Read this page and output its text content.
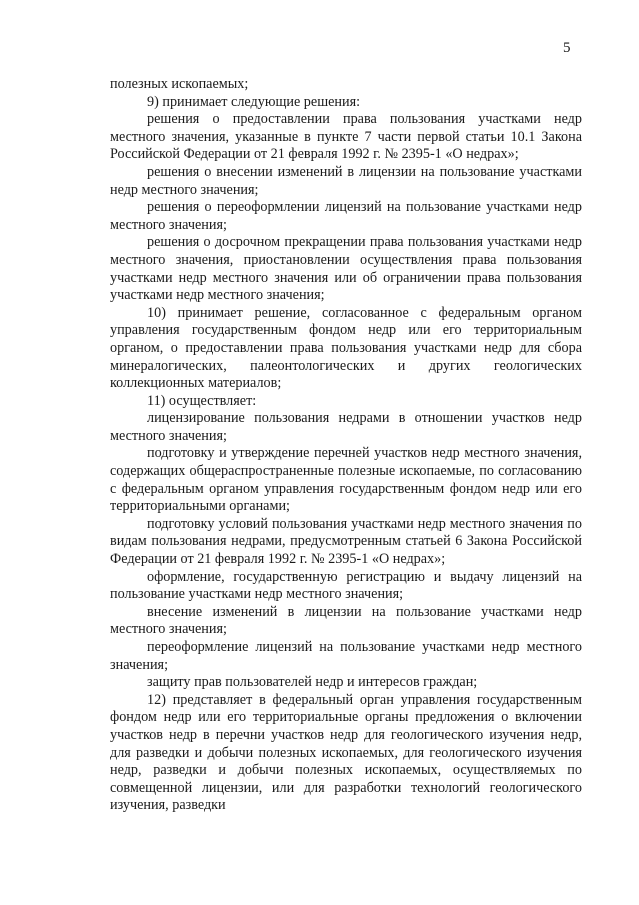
5

полезных ископаемых;

9) принимает следующие решения:

решения о предоставлении права пользования участками недр местного значения, указанные в пункте 7 части первой статьи 10.1 Закона Российской Федерации от 21 февраля 1992 г. № 2395-1 «О недрах»;

решения о внесении изменений в лицензии на пользование участками недр местного значения;

решения о переоформлении лицензий на пользование участками недр местного значения;

решения о досрочном прекращении права пользования участками недр местного значения, приостановлении осуществления права пользования участками недр местного значения или об ограничении права пользования участками недр местного значения;

10) принимает решение, согласованное с федеральным органом управления государственным фондом недр или его территориальным органом, о предоставлении права пользования участками недр для сбора минералогических, палеонтологических и других геологических коллекционных материалов;

11) осуществляет:

лицензирование пользования недрами в отношении участков недр местного значения;

подготовку и утверждение перечней участков недр местного значения, содержащих общераспространенные полезные ископаемые, по согласованию с федеральным органом управления государственным фондом недр или его территориальными органами;

подготовку условий пользования участками недр местного значения по видам пользования недрами, предусмотренным статьей 6 Закона Российской Федерации от 21 февраля 1992 г. № 2395-1 «О недрах»;

оформление, государственную регистрацию и выдачу лицензий на пользование участками недр местного значения;

внесение изменений в лицензии на пользование участками недр местного значения;

переоформление лицензий на пользование участками недр местного значения;

защиту прав пользователей недр и интересов граждан;

12) представляет в федеральный орган управления государственным фондом недр или его территориальные органы предложения о включении участков недр в перечни участков недр для геологического изучения недр, для разведки и добычи полезных ископаемых, для геологического изучения недр, разведки и добычи полезных ископаемых, осуществляемых по совмещенной лицензии, или для разработки технологий геологического изучения, разведки
